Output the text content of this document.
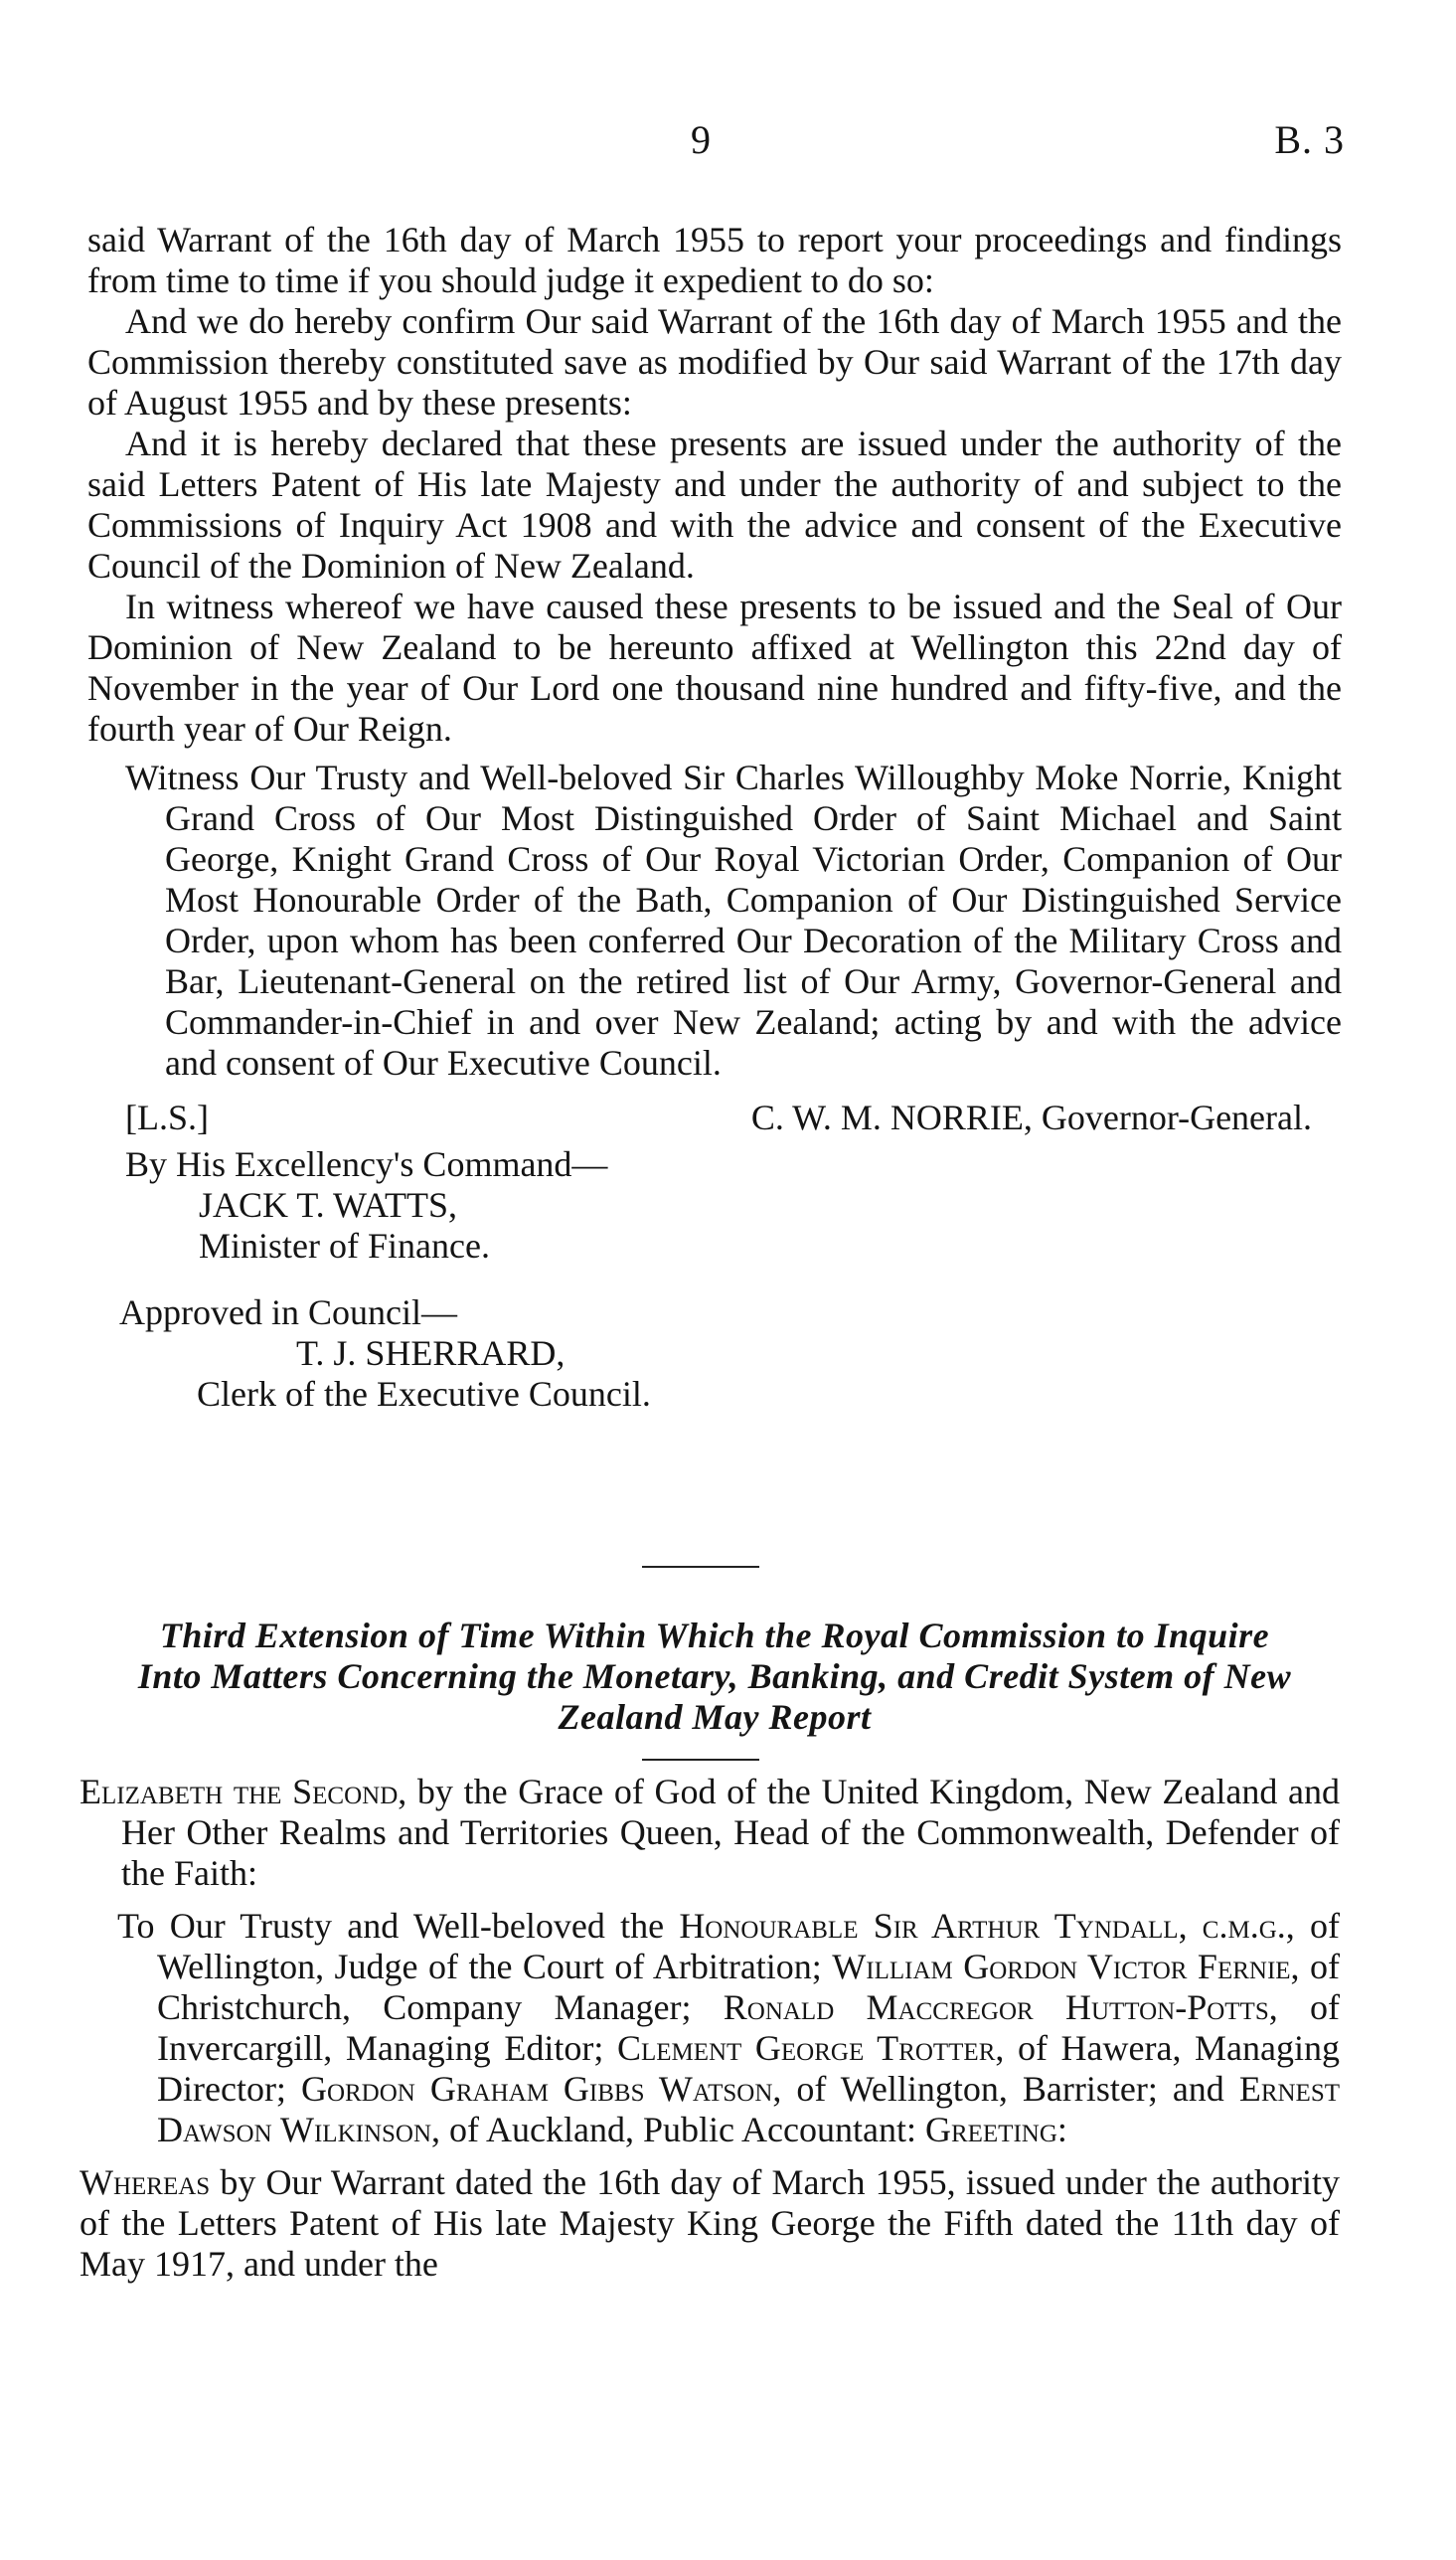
9	B. 3

said Warrant of the 16th day of March 1955 to report your proceedings and findings from time to time if you should judge it expedient to do so:

And we do hereby confirm Our said Warrant of the 16th day of March 1955 and the Commission thereby constituted save as modified by Our said Warrant of the 17th day of August 1955 and by these presents:

And it is hereby declared that these presents are issued under the authority of the said Letters Patent of His late Majesty and under the authority of and subject to the Commissions of Inquiry Act 1908 and with the advice and consent of the Executive Council of the Dominion of New Zealand.

In witness whereof we have caused these presents to be issued and the Seal of Our Dominion of New Zealand to be hereunto affixed at Wellington this 22nd day of November in the year of Our Lord one thousand nine hundred and fifty-five, and the fourth year of Our Reign.

Witness Our Trusty and Well-beloved Sir Charles Willoughby Moke Norrie, Knight Grand Cross of Our Most Distinguished Order of Saint Michael and Saint George, Knight Grand Cross of Our Royal Victorian Order, Companion of Our Most Honourable Order of the Bath, Companion of Our Distinguished Service Order, upon whom has been conferred Our Decoration of the Military Cross and Bar, Lieutenant-General on the retired list of Our Army, Governor-General and Commander-in-Chief in and over New Zealand; acting by and with the advice and consent of Our Executive Council.

[L.S.]	C. W. M. NORRIE, Governor-General.
By His Excellency's Command—
JACK T. WATTS,
Minister of Finance.
Approved in Council—
T. J. SHERRARD,
Clerk of the Executive Council.

Third Extension of Time Within Which the Royal Commission to Inquire Into Matters Concerning the Monetary, Banking, and Credit System of New Zealand May Report

Elizabeth the Second, by the Grace of God of the United Kingdom, New Zealand and Her Other Realms and Territories Queen, Head of the Commonwealth, Defender of the Faith:

To Our Trusty and Well-beloved the Honourable Sir Arthur Tyndall, c.m.g., of Wellington, Judge of the Court of Arbitration; William Gordon Victor Fernie, of Christchurch, Company Manager; Ronald Maccregor Hutton-Potts, of Invercargill, Managing Editor; Clement George Trotter, of Hawera, Managing Director; Gordon Graham Gibbs Watson, of Wellington, Barrister; and Ernest Dawson Wilkinson, of Auckland, Public Accountant: Greeting:

Whereas by Our Warrant dated the 16th day of March 1955, issued under the authority of the Letters Patent of His late Majesty King George the Fifth dated the 11th day of May 1917, and under the
